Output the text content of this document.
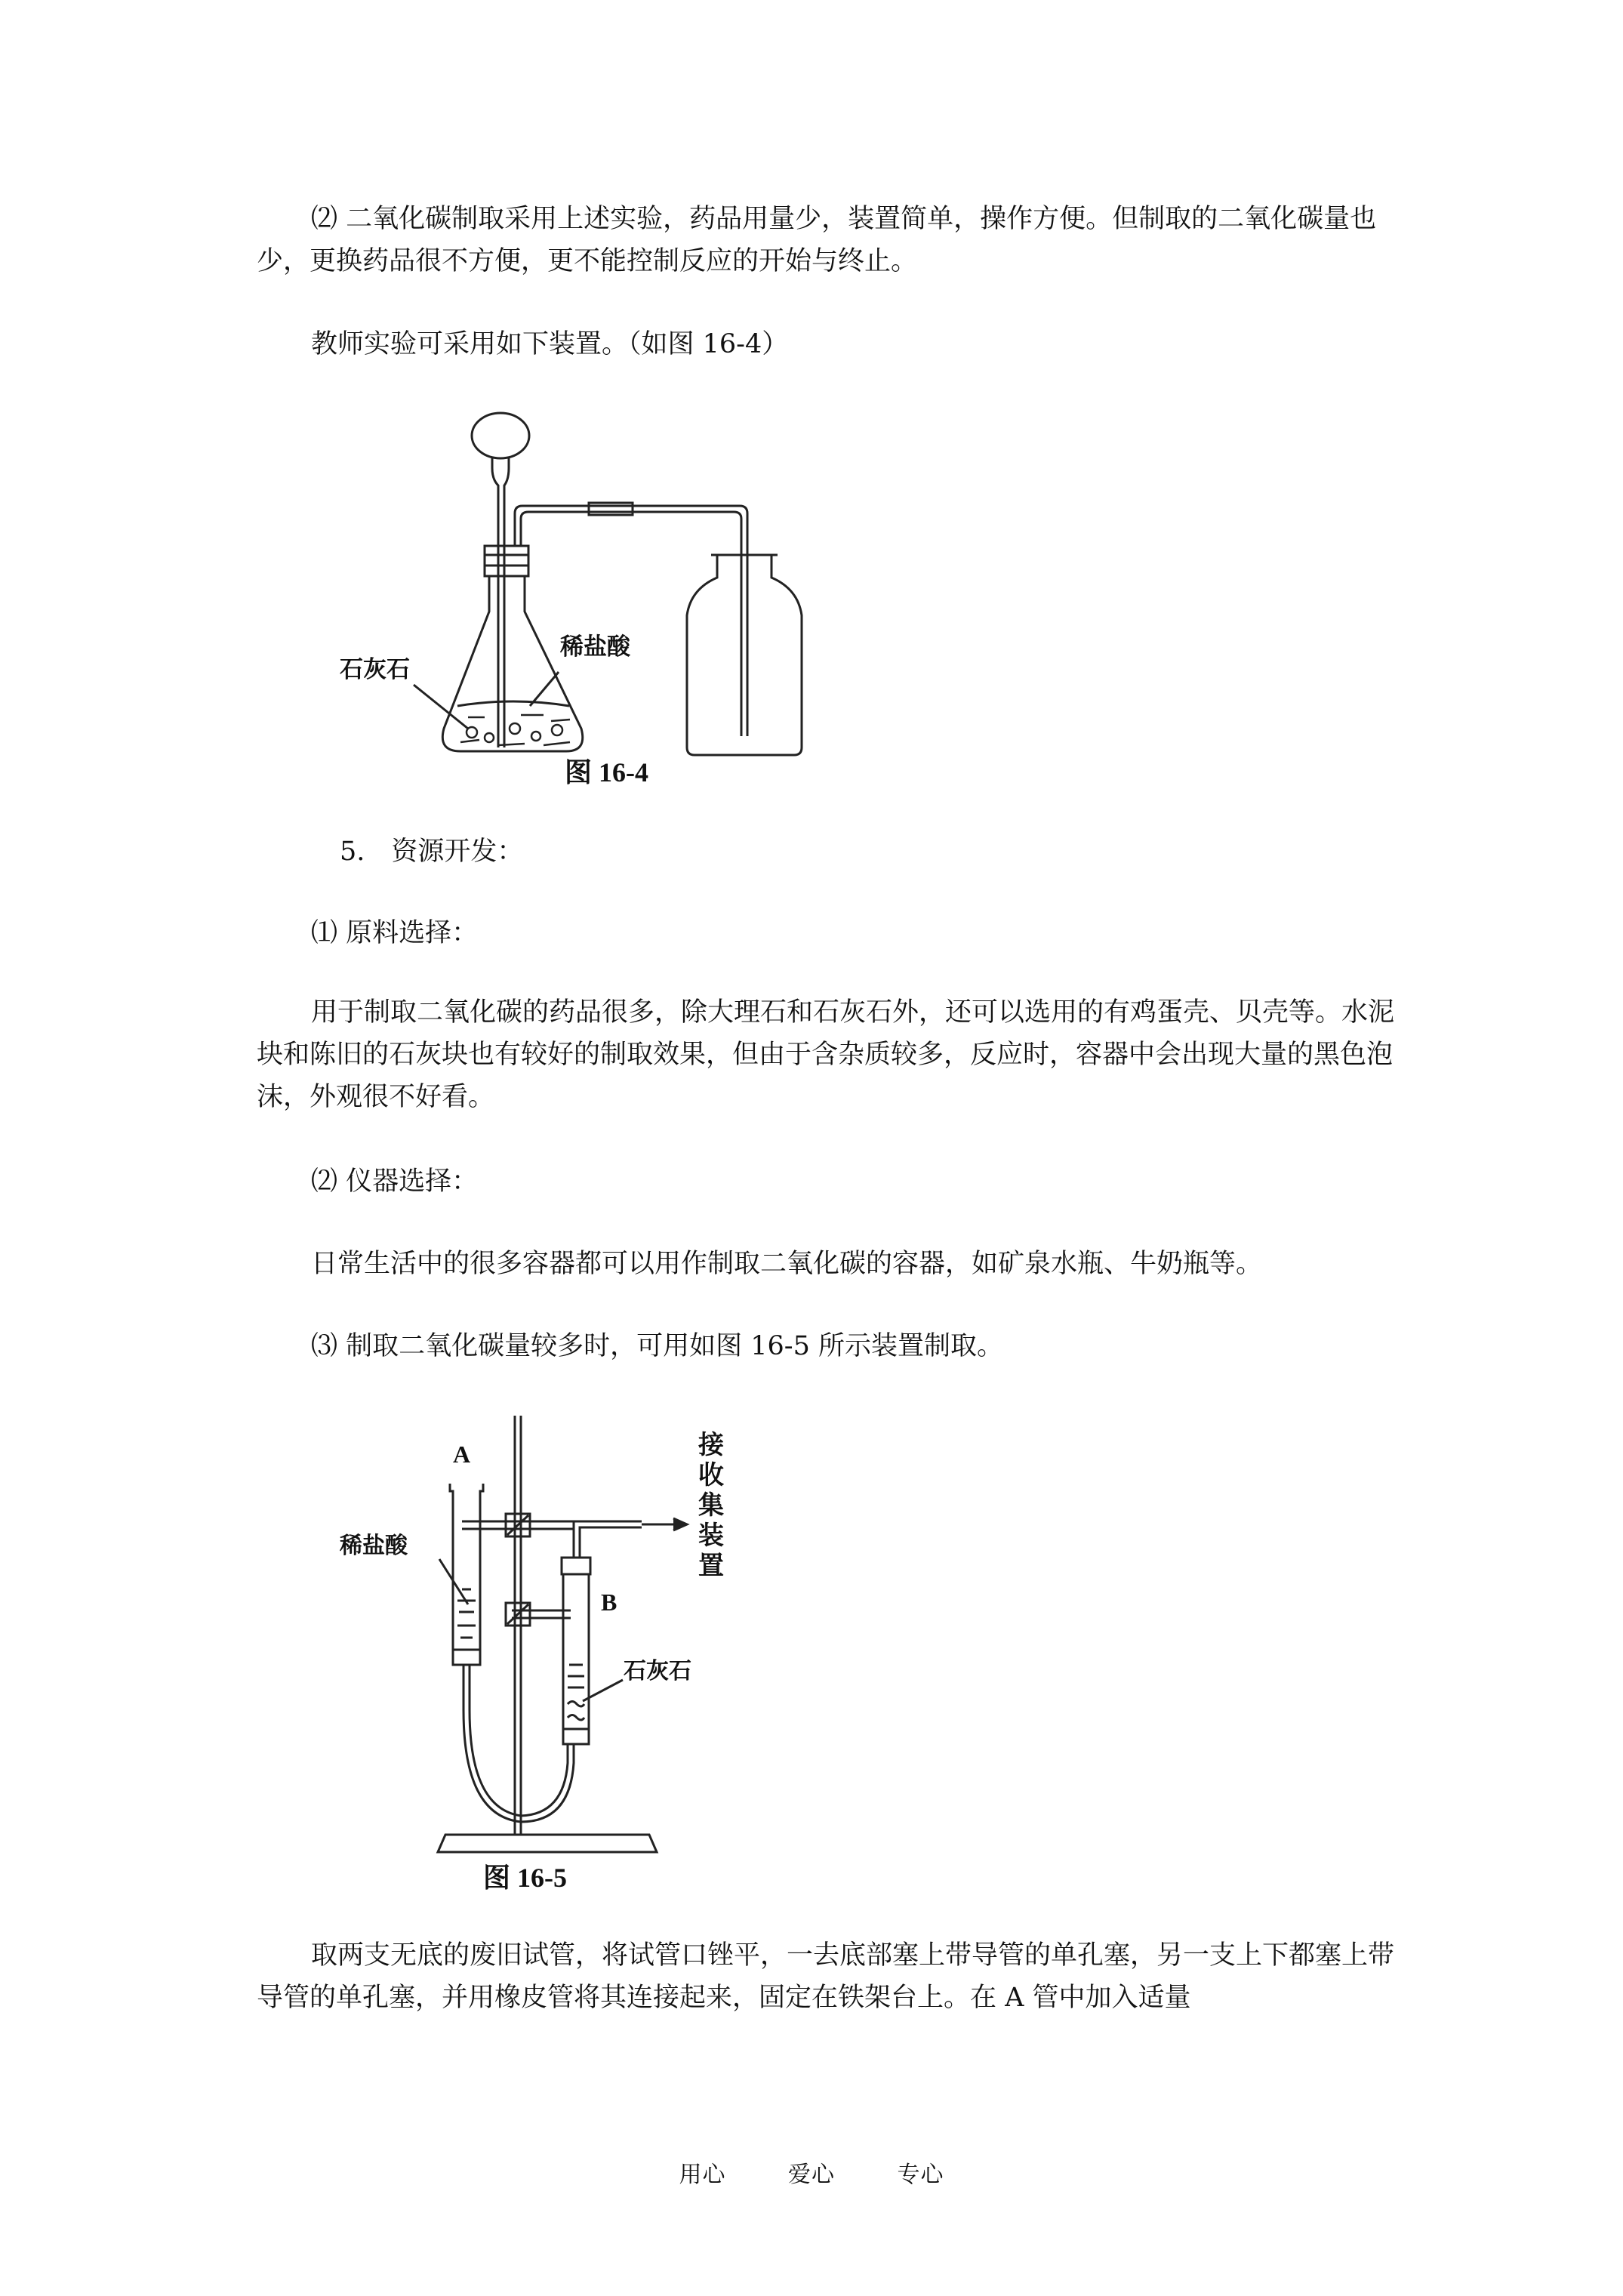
⑵ 二氧化碳制取采用上述实验，药品用量少，装置简单，操作方便。但制取的二氧化碳量也少，更换药品很不方便，更不能控制反应的开始与终止。

教师实验可采用如下装置。（如图 16-4）

石灰石
稀盐酸
图 16-4

5.　资源开发：

⑴ 原料选择：

用于制取二氧化碳的药品很多，除大理石和石灰石外，还可以选用的有鸡蛋壳、贝壳等。水泥块和陈旧的石灰块也有较好的制取效果，但由于含杂质较多，反应时，容器中会出现大量的黑色泡沫，外观很不好看。

⑵ 仪器选择：

日常生活中的很多容器都可以用作制取二氧化碳的容器，如矿泉水瓶、牛奶瓶等。

⑶ 制取二氧化碳量较多时，可用如图 16-5 所示装置制取。

A
B
稀盐酸
石灰石
接
收
集
装
置
图 16-5

取两支无底的废旧试管，将试管口锉平，一去底部塞上带导管的单孔塞，另一支上下都塞上带导管的单孔塞，并用橡皮管将其连接起来，固定在铁架台上。在 A 管中加入适量

用心	爱心	专心
